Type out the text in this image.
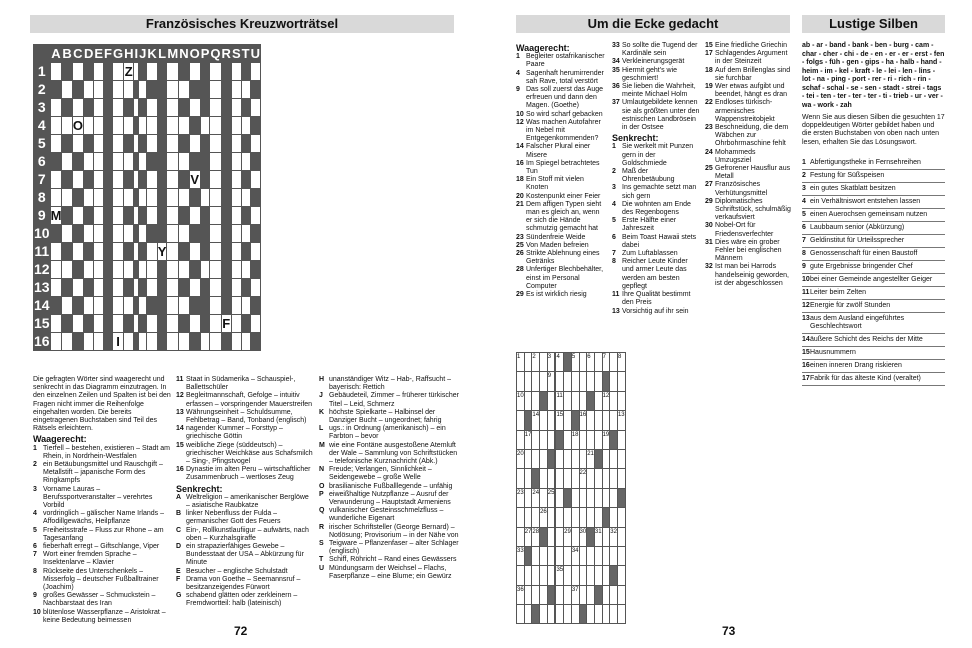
Französisches Kreuzworträtsel
	A	B	C	D	E	F	G	H	I	J	K	L	M	N	O	P	Q	R	S	T	U
1								Z													
2																					
3																					
4			O																		
5																					
6																					
7															V						
8																					
9	M																				
10																					
11												Y									
12																					
13																					
14																					
15																		F			
16							I														
Die gefragten Wörter sind waagerecht und senkrecht in das Diagramm einzutragen. In den einzelnen Zeilen und Spalten ist bei den Fragen nicht immer die Reihenfolge eingehalten worden. Die bereits eingetragenen Buchstaben sind Teil des Rätsels erleichtern.
Waagerecht:
1 Tierfell – bestehen, existieren – Stadt am Rhein, in Nordrhein-Westfalen
2 ein Betäubungsmittel und Rauschgift – Metallstift – japanische Form des Ringkampfs
3 Vorname Lauras – Berufssportveranstalter – verehrtes Vorbild
4 vordringlich – gälischer Name Irlands – Affodillgewächs, Heilpflanze
5 Freiheitsstrafe – Fluss zur Rhone – am Tagesanfang
6 fieberhaft erregt – Giftschlange, Viper
7 Wort einer fremden Sprache – Insektenlarve – Klavier
8 Rückseite des Unterschenkels – Misserfolg – deutscher Fußballtrainer (Joachim)
9 großes Gewässer – Schmuckstein – Nachbarstaat des Iran
10 blütenlose Wasserpflanze – Aristokrat – keine Bedeutung beimessen
11 Staat in Südamerika – Schauspiel-, Ballettschüler
12 Begleitmannschaft, Gefolge – intuitiv erfassen – vorspringender Mauerstreifen
13 Währungseinheit – Schuldsumme, Fehlbetrag – Band, Tonband (englisch)
14 nagender Kummer – Forsttyp – griechische Göttin
15 weibliche Ziege (süddeutsch) – griechischer Weichkäse aus Schafsmilch – Sing-, Pfingstvogel
16 Dynastie im alten Peru – wirtschaftlicher Zusammenbruch – wertloses Zeug
Senkrecht:
A Weltreligion – amerikanischer Berglöwe – asiatische Raubkatze
B linker Nebenfluss der Fulda – germanischer Gott des Feuers
C Ein-, Rollkunstlaufiigur – aufwärts, nach oben – Kurzhalsgiraffe
D ein strapazierfähiges Gewebe – Bundesstaat der USA – Abkürzung für Minute
E Besucher – englische Schulstadt
F Drama von Goethe – Seemannsruf – besitzanzeigendes Fürwort
G schabend glätten oder zerkleinern – Fremdwortteil: halb (lateinisch)
H unanständiger Witz – Hab-, Raffsucht – bayerisch: Rettich
J Gebäudeteil, Zimmer – früherer türkischer Titel – Leid, Schmerz
K höchste Spielkarte – Halbinsel der Danziger Bucht – ungeordnet; fahrig
L ugs.: in Ordnung (amerikanisch) – ein Farbton – bevor
M wie eine Fontäne ausgestoßene Atemluft der Wale – Sammlung von Schriftstücken – telefonische Kurznachricht (Abk.)
N Freude; Verlangen, Sinnlichkeit – Seidengewebe – große Welle
O brasilianische Fußballlegende – unfähig
P eiweißhaltige Nutzpflanze – Ausruf der Verwunderung – Hauptstadt Armeniens
Q vulkanischer Gesteinsschmelzfluss – wunderliche Eigenart
R irischer Schriftsteller (George Bernard) – Notlösung; Provisorium – in der Nähe von
S Teigware – Pflanzenfaser – alter Schlager (englisch)
T Schiff, Röhricht – Rand eines Gewässers
U Mündungsarm der Weichsel – Flachs, Faserpflanze – eine Blume; ein Gewürz
72
Um die Ecke gedacht	Lustige Silben
Waagerecht:
1 Begleiter ostafrikanischer Paare
4 Sagenhaft herumirrender sah Rave, total verstört
9 Das soll zuerst das Auge erfreuen und dann den Magen. (Goethe)
10 So wird scharf gebacken
12 Was machen Autofahrer im Nebel mit Entgegenkommenden?
14 Falscher Plural einer Misere
16 Im Spiegel betrachtetes Tun
18 Ein Stoff mit vielen Knoten
20 Kostenpunkt einer Feier
21 Dem affigen Typen sieht man es gleich an, wenn er sich die Hände schmutzig gemacht hat
23 Sündenfreie Weide
25 Von Maden befreien
26 Strikte Ablehnung eines Getränks
28 Unfertiger Blechbehälter, einst im Personal Computer
29 Es ist wirklich riesig
33 So sollte die Tugend der Kardinäle sein
34 Verkleinerungsgerät
35 Hiermit geht's wie geschmiert!
36 Sie lieben die Wahrheit, meinte Michael Holm
37 Umlautgebildete kennen sie als größten unter den estnischen Landbrösein in der Ostsee
Senkrecht:
1 Sie werkelt mit Punzen gern in der Goldschmiede
2 Maß der Ohrenbetäubung
3 Ins gemachte setzt man sich gern
4 Die wohnten am Ende des Regenbogens
5 Erste Hälfte einer Jahreszeit
6 Beim Toast Hawaii stets dabei
7 Zum Luftablassen
8 Reicher Leute Kinder und armer Leute das werden am besten gepflegt
11 Ihre Qualität bestimmt den Preis
13 Vorsichtig auf ihr sein
15 Eine friedliche Griechin
17 Schlagendes Argument in der Steinzeit
18 Auf dem Brillenglas sind sie furchbar
19 Wer etwas aufgibt und beendet, hängt es dran
22 Endloses türkisch-armenisches Wappenstreitobjekt
23 Beschneidung, die dem Wäbchen zur Ohrbohrmaschine fehlt
24 Mohammeds Umzugsziel
25 Gefrorener Hausflur aus Metall
27 Französisches Verhütungsmittel
29 Diplomatisches Schriftstück, schulmäßig verkaufsviert
30 Nobel-Ort für Friedensverfechter
31 Dies wäre ein grober Fehler bei englischen Männern
32 Ist man bei Harrods handelseinig geworden, ist der abgeschlossen
1		2		3		4		5		6		7		8
				9										
10						11						12		
		14				15			16					13
	17							18				19		
20										21				
									22					
23		24		25										
			26											
	27	28					29		30		31		32	
33								34						
						35								
36								37						

ab - ar - band - bank - ben - burg - cam - char - cher - chi - de - en - er - er - erst - fen - folgs - füh - gen - gips - ha - halb - hand - heim - im - kel - kraft - le - lei - len - lins - lot - na - ping - port - rer - ri - rich - rin - schaf - schal - se - sen - stadt - strei - tags - tei - ten - ter - ter - ter - ti - trieb - ur - ver - wa - work - zah
Wenn Sie aus diesen Silben die gesuchten 17 doppeldeutigen Wörter gebildet haben und die ersten Buchstaben von oben nach unten lesen, erhalten Sie das Lösungswort.
1 Abfertigungstheke in Fernsehreihen
2 Festung für Süßspeisen
3 ein gutes Skatblatt besitzen
4 ein Verhältniswort entstehen lassen
5 einen Auerochsen gemeinsam nutzen
6 Laubbaum senior (Abkürzung)
7 Geldinstitut für Urteilssprecher
8 Genossenschaft für einen Baustoff
9 gute Ergebnisse bringender Chef
10 bei einer Gemeinde angestellter Geiger
11 Leiter beim Zelten
12 Energie für zwölf Stunden
13 aus dem Ausland eingeführtes Geschlechtswort
14 äußere Schicht des Reichs der Mitte
15 Hausnummern
16 einen inneren Drang riskieren
17 Fabrik für das älteste Kind (veraltet)
73
